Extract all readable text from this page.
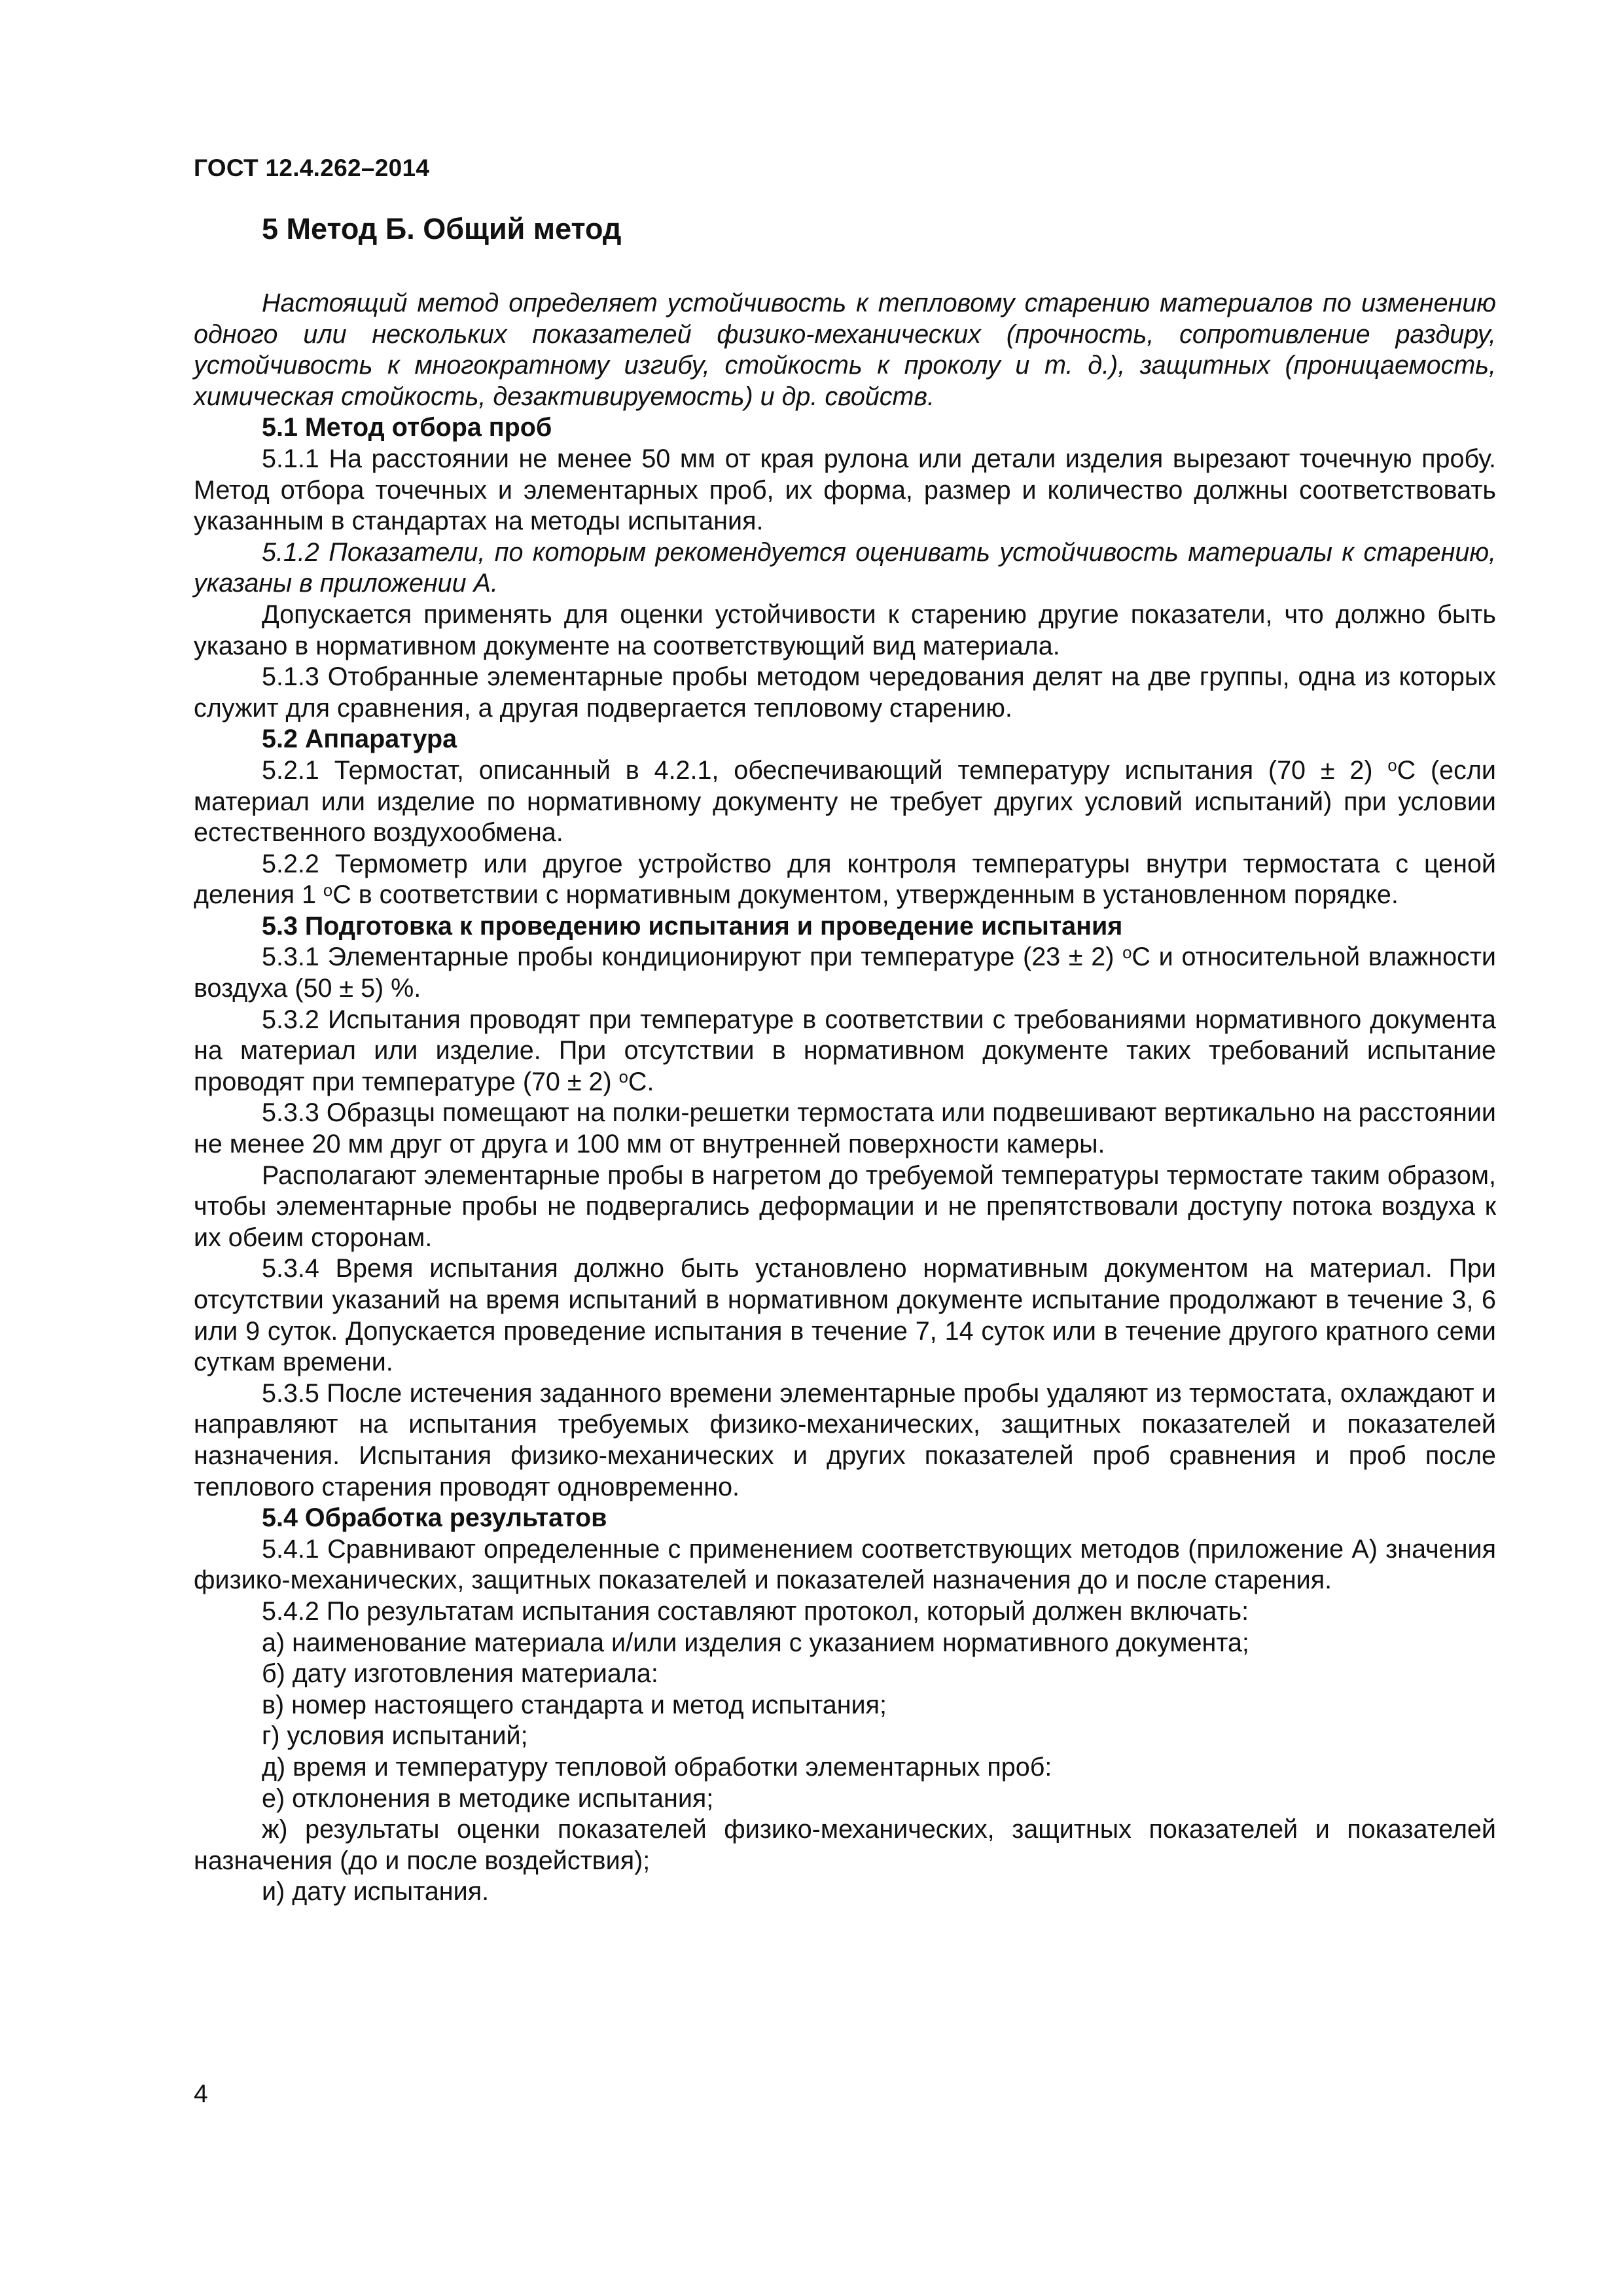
ГОСТ 12.4.262–2014
5 Метод Б. Общий метод

Настоящий метод определяет устойчивость к тепловому старению материалов по изменению одного или нескольких показателей физико-механических (прочность, сопротивление раздиру, устойчивость к многократному изгибу, стойкость к проколу и т. д.), защитных (проницаемость, химическая стойкость, дезактивируемость) и др. свойств.

5.1 Метод отбора проб

5.1.1 На расстоянии не менее 50 мм от края рулона или детали изделия вырезают точечную пробу. Метод отбора точечных и элементарных проб, их форма, размер и количество должны соответствовать указанным в стандартах на методы испытания.

5.1.2 Показатели, по которым рекомендуется оценивать устойчивость материалы к старению, указаны в приложении А.

Допускается применять для оценки устойчивости к старению другие показатели, что должно быть указано в нормативном документе на соответствующий вид материала.

5.1.3 Отобранные элементарные пробы методом чередования делят на две группы, одна из которых служит для сравнения, а другая подвергается тепловому старению.

5.2 Аппаратура

5.2.1 Термостат, описанный в 4.2.1, обеспечивающий температуру испытания (70 ± 2) $^o$C (если материал или изделие по нормативному документу не требует других условий испытаний) при условии естественного воздухообмена.

5.2.2 Термометр или другое устройство для контроля температуры внутри термостата с ценой деления 1 $^o$C в соответствии с нормативным документом, утвержденным в установленном порядке.

5.3 Подготовка к проведению испытания и проведение испытания

5.3.1 Элементарные пробы кондиционируют при температуре (23 ± 2) $^o$C и относительной влажности воздуха (50 ± 5) %.

5.3.2 Испытания проводят при температуре в соответствии с требованиями нормативного документа на материал или изделие. При отсутствии в нормативном документе таких требований испытание проводят при температуре (70 ± 2) $^o$C.

5.3.3 Образцы помещают на полки-решетки термостата или подвешивают вертикально на расстоянии не менее 20 мм друг от друга и 100 мм от внутренней поверхности камеры.

Располагают элементарные пробы в нагретом до требуемой температуры термостате таким образом, чтобы элементарные пробы не подвергались деформации и не препятствовали доступу потока воздуха к их обеим сторонам.

5.3.4 Время испытания должно быть установлено нормативным документом на материал. При отсутствии указаний на время испытаний в нормативном документе испытание продолжают в течение 3, 6 или 9 суток. Допускается проведение испытания в течение 7, 14 суток или в течение другого кратного семи суткам времени.

5.3.5 После истечения заданного времени элементарные пробы удаляют из термостата, охлаждают и направляют на испытания требуемых физико-механических, защитных показателей и показателей назначения. Испытания физико-механических и других показателей проб сравнения и проб после теплового старения проводят одновременно.

5.4 Обработка результатов

5.4.1 Сравнивают определенные с применением соответствующих методов (приложение А) значения физико-механических, защитных показателей и показателей назначения до и после старения.

5.4.2 По результатам испытания составляют протокол, который должен включать:

а) наименование материала и/или изделия с указанием нормативного документа;

б) дату изготовления материала:

в) номер настоящего стандарта и метод испытания;

г) условия испытаний;

д) время и температуру тепловой обработки элементарных проб:

е) отклонения в методике испытания;

ж) результаты оценки показателей физико-механических, защитных показателей и показателей назначения (до и после воздействия);

и) дату испытания.

4
